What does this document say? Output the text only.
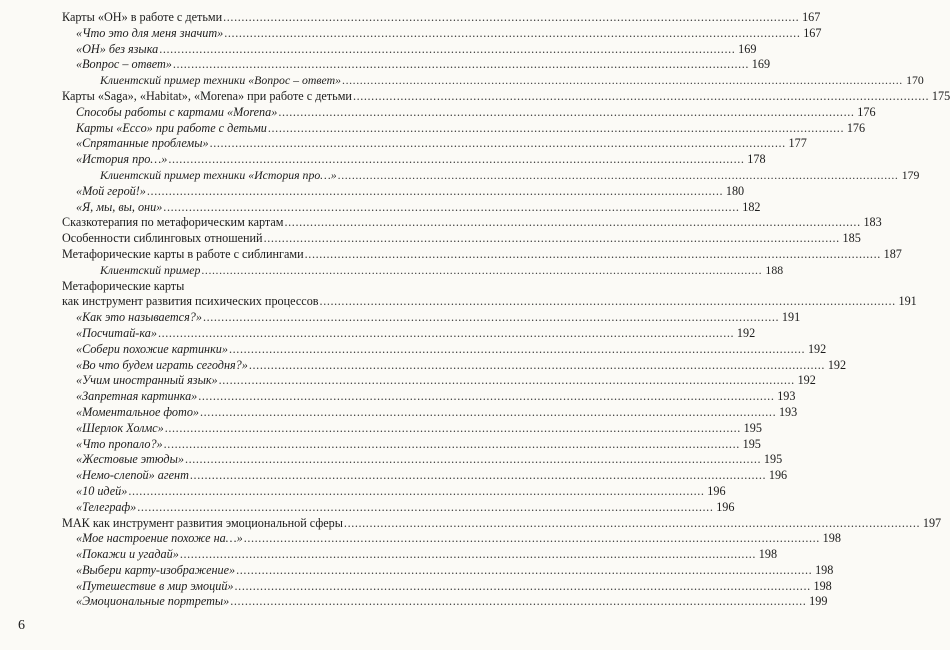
Карты «ОН» в работе с детьми .....	167
«Что это для меня значит» .....	167
«ОН» без языка .....	169
«Вопрос – ответ» .....	169
Клиентский пример техники «Вопрос – ответ» .....	170
Карты «Saga», «Habitat», «Morena» при работе с детьми .....	175
Способы работы с картами «Morena» .....	176
Карты «Ecco» при работе с детьми .....	176
«Спрятанные проблемы» .....	177
«История про…» .....	178
Клиентский пример техники «История про…» .....	179
«Мой герой!» .....	180
«Я, мы, вы, они» .....	182
Сказкотерапия по метафорическим картам .....	183
Особенности сиблинговых отношений .....	185
Метафорические карты в работе с сиблингами .....	187
Клиентский пример .....	188
Метафорические карты
как инструмент развития психических процессов .....	191
«Как это называется?» .....	191
«Посчитай-ка» .....	192
«Собери похожие картинки» .....	192
«Во что будем играть сегодня?» .....	192
«Учим иностранный язык» .....	192
«Запретная картинка» .....	193
«Моментальное фото» .....	193
«Шерлок Холмс» .....	195
«Что пропало?» .....	195
«Жестовые этюды» .....	195
«Немо-слепой» агент .....	196
«10 идей» .....	196
«Телеграф» .....	196
МАК как инструмент развития эмоциональной сферы .....	197
«Мое настроение похоже на…» .....	198
«Покажи и угадай» .....	198
«Выбери карту-изображение» .....	198
«Путешествие в мир эмоций» .....	198
«Эмоциональные портреты» .....	199
6
